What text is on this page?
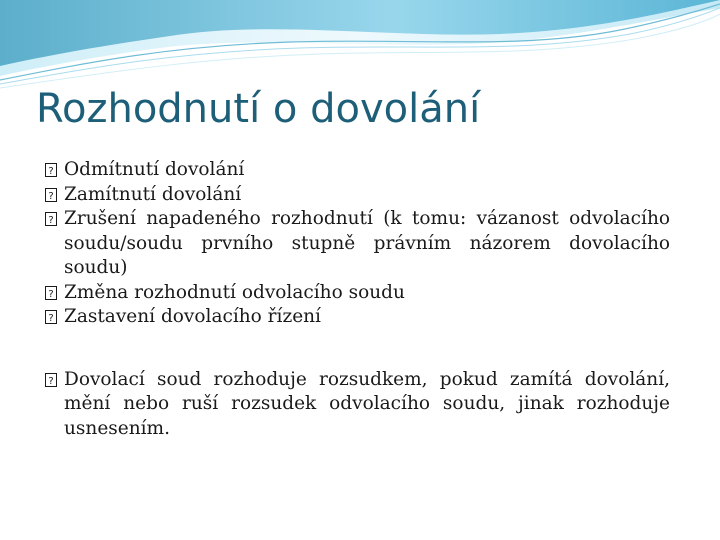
Rozhodnutí o dovolání
? Odmítnutí dovolání
? Zamítnutí dovolání
? Zrušení napadeného rozhodnutí (k tomu: vázanost odvolacího soudu/soudu prvního stupně právním názorem dovolacího soudu)
? Změna rozhodnutí odvolacího soudu
? Zastavení dovolacího řízení
? Dovolací soud rozhoduje rozsudkem, pokud zamítá dovolání, mění nebo ruší rozsudek odvolacího soudu, jinak rozhoduje usnesením.
